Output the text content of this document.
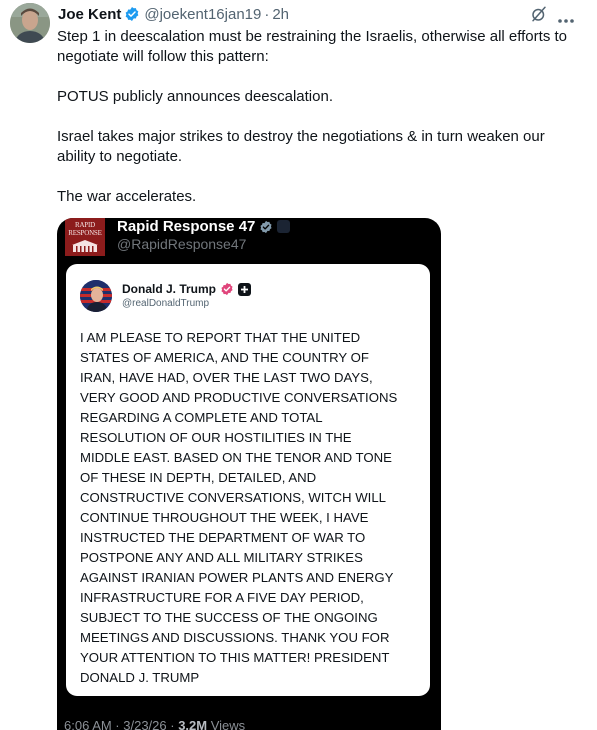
Joe Kent @joekent16jan19 · 2h

Step 1 in deescalation must be restraining the Israelis, otherwise all efforts to negotiate will follow this pattern:

POTUS publicly announces deescalation.

Israel takes major strikes to destroy the negotiations & in turn weaken our ability to negotiate.

The war accelerates.

RAPID RESPONSE Rapid Response 47
@RapidResponse47
Donald J. Trump
@realDonaldTrump
I AM PLEASE TO REPORT THAT THE UNITED
STATES OF AMERICA, AND THE COUNTRY OF
IRAN, HAVE HAD, OVER THE LAST TWO DAYS,
VERY GOOD AND PRODUCTIVE CONVERSATIONS
REGARDING A COMPLETE AND TOTAL
RESOLUTION OF OUR HOSTILITIES IN THE
MIDDLE EAST. BASED ON THE TENOR AND TONE
OF THESE IN DEPTH, DETAILED, AND
CONSTRUCTIVE CONVERSATIONS, WITCH WILL
CONTINUE THROUGHOUT THE WEEK, I HAVE
INSTRUCTED THE DEPARTMENT OF WAR TO
POSTPONE ANY AND ALL MILITARY STRIKES
AGAINST IRANIAN POWER PLANTS AND ENERGY
INFRASTRUCTURE FOR A FIVE DAY PERIOD,
SUBJECT TO THE SUCCESS OF THE ONGOING
MEETINGS AND DISCUSSIONS. THANK YOU FOR
YOUR ATTENTION TO THIS MATTER! PRESIDENT
DONALD J. TRUMP
6:06 AM · 3/23/26 · 3.2M Views
